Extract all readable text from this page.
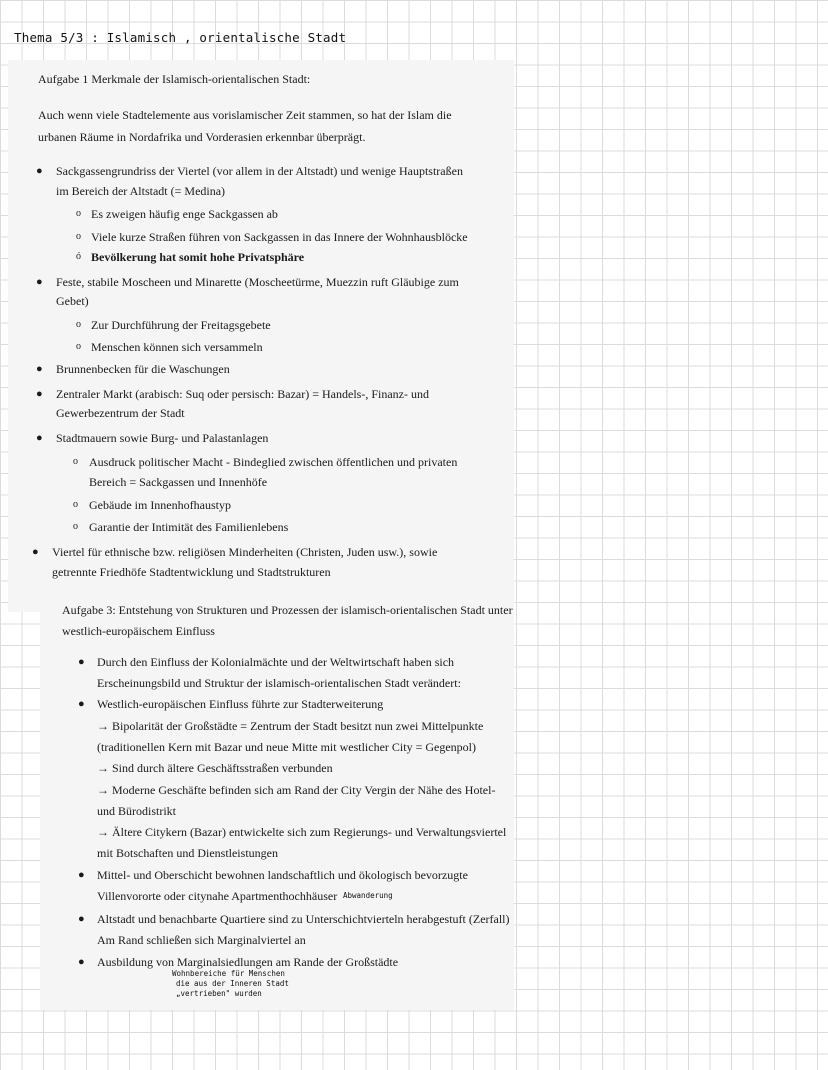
Thema 5/3 : Islamisch , orientalische Stadt
Aufgabe 1 Merkmale der Islamisch-orientalischen Stadt:
Auch wenn viele Stadtelemente aus vorislamischer Zeit stammen, so hat der Islam die
urbanen Räume in Nordafrika und Vorderasien erkennbar überprägt.
● Sackgassengrundriss der Viertel (vor allem in der Altstadt) und wenige Hauptstraßen
im Bereich der Altstadt (= Medina)
o Es zweigen häufig enge Sackgassen ab
o Viele kurze Straßen führen von Sackgassen in das Innere der Wohnhausblöcke
ó Bevölkerung hat somit hohe Privatsphäre
● Feste, stabile Moscheen und Minarette (Moscheetürme, Muezzin ruft Gläubige zum
Gebet)
o Zur Durchführung der Freitagsgebete
o Menschen können sich versammeln
● Brunnenbecken für die Waschungen
● Zentraler Markt (arabisch: Suq oder persisch: Bazar) = Handels-, Finanz- und
Gewerbezentrum der Stadt
● Stadtmauern sowie Burg- und Palastanlagen
o Ausdruck politischer Macht - Bindeglied zwischen öffentlichen und privaten
Bereich = Sackgassen und Innenhöfe
o Gebäude im Innenhofhaustyp
o Garantie der Intimität des Familienlebens
● Viertel für ethnische bzw. religiösen Minderheiten (Christen, Juden usw.), sowie
getrennte Friedhöfe Stadtentwicklung und Stadtstrukturen
Aufgabe 3: Entstehung von Strukturen und Prozessen der islamisch-orientalischen Stadt unter
westlich-europäischem Einfluss
● Durch den Einfluss der Kolonialmächte und der Weltwirtschaft haben sich
Erscheinungsbild und Struktur der islamisch-orientalischen Stadt verändert:
● Westlich-europäischen Einfluss führte zur Stadterweiterung
→ Bipolarität der Großstädte = Zentrum der Stadt besitzt nun zwei Mittelpunkte
(traditionellen Kern mit Bazar und neue Mitte mit westlicher City = Gegenpol)
→ Sind durch ältere Geschäftsstraßen verbunden
→ Moderne Geschäfte befinden sich am Rand der City Vergin der Nähe des Hotel-
und Bürodistrikt
→ Ältere Citykern (Bazar) entwickelte sich zum Regierungs- und Verwaltungsviertel
mit Botschaften und Dienstleistungen
● Mittel- und Oberschicht bewohnen landschaftlich und ökologisch bevorzugte
Villenvororte oder citynahe Apartmenthochhäuser Abwanderung
● Altstadt und benachbarte Quartiere sind zu Unterschichtvierteln herabgestuft (Zerfall)
Am Rand schließen sich Marginalviertel an
● Ausbildung von Marginalsiedlungen am Rande der Großstädte
Wohnbereiche für Menschen
die aus der Inneren Stadt
„vertrieben" wurden
